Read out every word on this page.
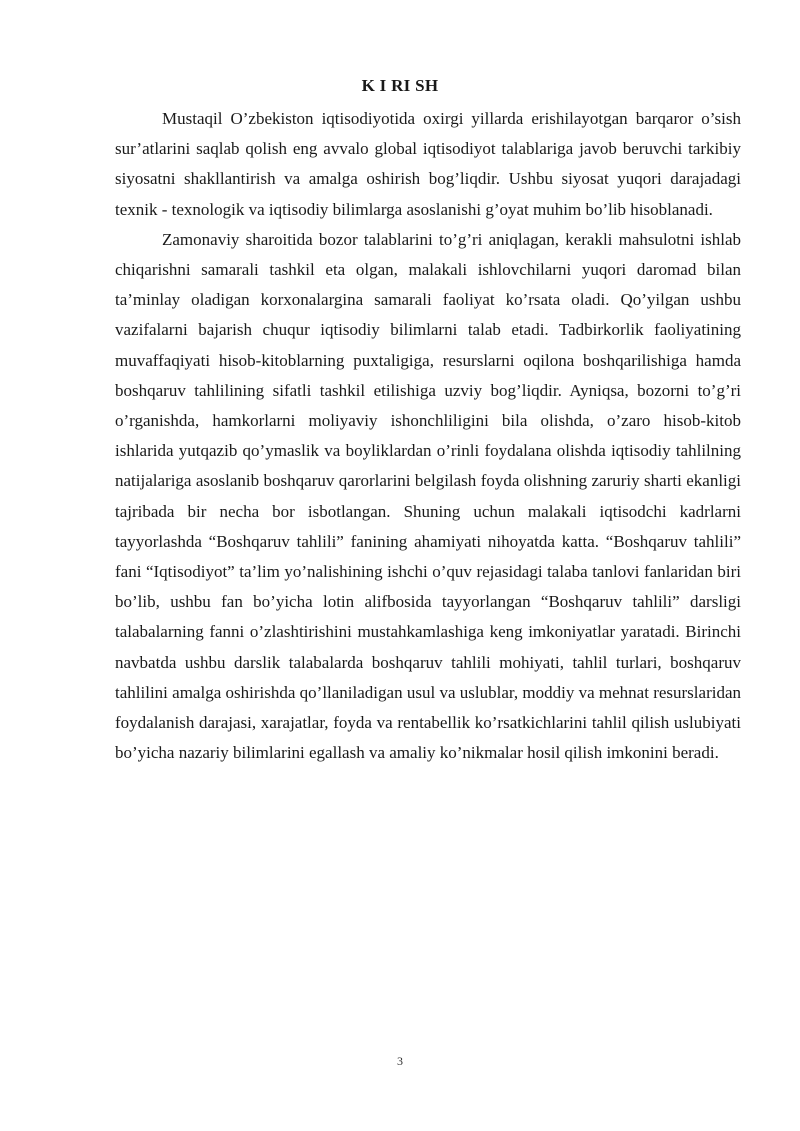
K I RI SH

Mustaqil O’zbekiston iqtisodiyotida oxirgi yillarda erishilayotgan barqaror o’sish sur’atlarini saqlab qolish eng avvalo global iqtisodiyot talablariga javob beruvchi tarkibiy siyosatni shakllantirish va amalga oshirish bog’liqdir. Ushbu siyosat yuqori darajadagi texnik - texnologik va iqtisodiy bilimlarga asoslanishi g’oyat muhim bo’lib hisoblanadi.

Zamonaviy sharoitida bozor talablarini to’g’ri aniqlagan, kerakli mahsulotni ishlab chiqarishni samarali tashkil eta olgan, malakali ishlovchilarni yuqori daromad bilan ta’minlay oladigan korxonalargina samarali faoliyat ko’rsata oladi. Qo’yilgan ushbu vazifalarni bajarish chuqur iqtisodiy bilimlarni talab etadi. Tadbirkorlik faoliyatining muvaffaqiyati hisob-kitoblarning puxtaligiga, resurslarni oqilona boshqarilishiga hamda boshqaruv tahlilining sifatli tashkil etilishiga uzviy bog’liqdir. Ayniqsa, bozorni to’g’ri o’rganishda, hamkorlarni moliyaviy ishonchliligini bila olishda, o’zaro hisob-kitob ishlarida yutqazib qo’ymaslik va boyliklardan o’rinli foydalana olishda iqtisodiy tahlilning natijalariga asoslanib boshqaruv qarorlarini belgilash foyda olishning zaruriy sharti ekanligi tajribada bir necha bor isbotlangan. Shuning uchun malakali iqtisodchi kadrlarni tayyorlashda “Boshqaruv tahlili” fanining ahamiyati nihoyatda katta. “Boshqaruv tahlili” fani “Iqtisodiyot” ta’lim yo’nalishining ishchi o’quv rejasidagi talaba tanlovi fanlaridan biri bo’lib, ushbu fan bo’yicha lotin alifbosida tayyorlangan “Boshqaruv tahlili” darsligi talabalarning fanni o’zlashtirishini mustahkamlashiga keng imkoniyatlar yaratadi. Birinchi navbatda ushbu darslik talabalarda boshqaruv tahlili mohiyati, tahlil turlari, boshqaruv tahlilini amalga oshirishda qo’llaniladigan usul va uslublar, moddiy va mehnat resurslaridan foydalanish darajasi, xarajatlar, foyda va rentabellik ko’rsatkichlarini tahlil qilish uslubiyati bo’yicha nazariy bilimlarini egallash va amaliy ko’nikmalar hosil qilish imkonini beradi.

3
